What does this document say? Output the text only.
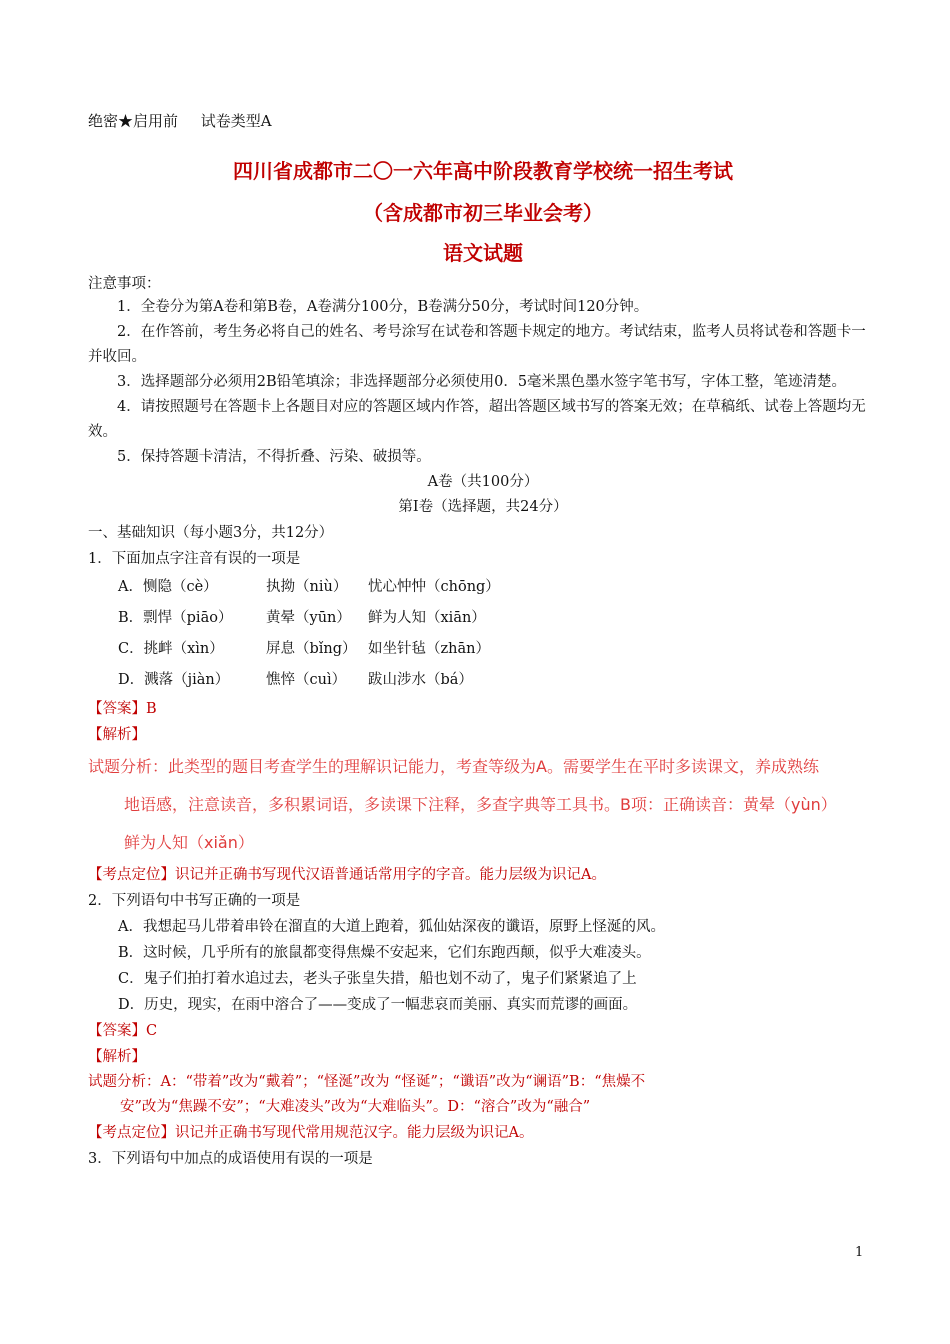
绝密★启用前 试卷类型A

四川省成都市二〇一六年高中阶段教育学校统一招生考试

（含成都市初三毕业会考）

语文试题

注意事项：

1．全卷分为第A卷和第B卷，A卷满分100分，B卷满分50分，考试时间120分钟。

2．在作答前，考生务必将自己的姓名、考号涂写在试卷和答题卡规定的地方。考试结束，监考人员将试卷和答题卡一并收回。

3．选择题部分必须用2B铅笔填涂；非选择题部分必须使用0．5毫米黑色墨水签字笔书写，字体工整，笔迹清楚。

4．请按照题号在答题卡上各题目对应的答题区域内作答，超出答题区域书写的答案无效；在草稿纸、试卷上答题均无效。

5．保持答题卡清洁，不得折叠、污染、破损等。

A卷（共100分）
第Ⅰ卷（选择题，共24分）

一、基础知识（每小题3分，共12分）

1．下面加点字注音有误的一项是

A．恻隐（cè）	执拗（niù） 忧心忡忡（chōng）
B．剽悍（piāo） 黄晕（yūn） 鲜为人知（xiān）
C．挑衅（xìn）	屏息（bǐng） 如坐针毡（zhān）
D．溅落（jiàn）	憔悴（cuì） 跋山涉水（bá）
【答案】B
【解析】

试题分析：此类型的题目考查学生的理解识记能力，考查等级为A。需要学生在平时多读课文，养成熟练

地语感，注意读音，多积累词语，多读课下注释，多查字典等工具书。B项：正确读音：黄晕（yùn）

鲜为人知（xiǎn）

【考点定位】识记并正确书写现代汉语普通话常用字的字音。能力层级为识记A。

2．下列语句中书写正确的一项是

A．我想起马儿带着串铃在溜直的大道上跑着，狐仙姑深夜的谶语，原野上怪涎的风。

B．这时候，几乎所有的旅鼠都变得焦燥不安起来，它们东跑西颠，似乎大难凌头。

C．鬼子们拍打着水追过去，老头子张皇失措，船也划不动了，鬼子们紧紧追了上

D．历史，现实，在雨中溶合了——变成了一幅悲哀而美丽、真实而荒谬的画面。

【答案】C
【解析】

试题分析：A：“带着”改为“戴着”；“怪涎”改为 “怪诞”；“谶语”改为“谰语”B：“焦燥不

安”改为“焦躁不安”；“大难凌头”改为“大难临头”。D：“溶合”改为“融合”

【考点定位】识记并正确书写现代常用规范汉字。能力层级为识记A。

3．下列语句中加点的成语使用有误的一项是

1
